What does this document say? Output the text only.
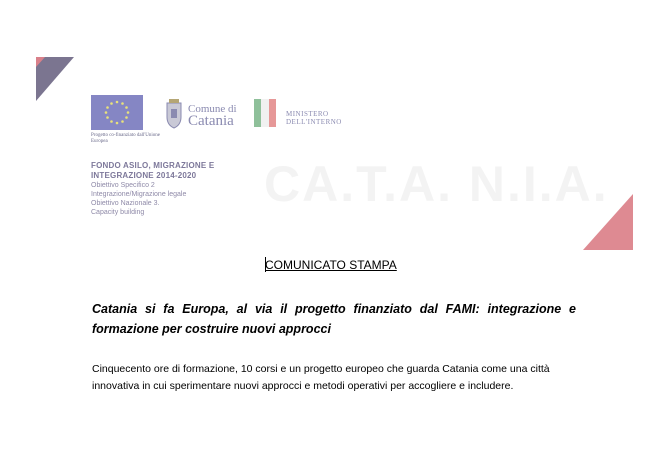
CA.T.A. N.I.A.
Progetto co-finanziato dall'Unione Europea
Comune di
Catania	MINISTERO
DELL'INTERNO
FONDO ASILO, MIGRAZIONE E
INTEGRAZIONE 2014-2020
Obiettivo Specifico 2
Integrazione/Migrazione legale
Obiettivo Nazionale 3.
Capacity building
COMUNICATO STAMPA
Catania si fa Europa, al via il progetto finanziato dal FAMI: integrazione e formazione per costruire nuovi approcci
Cinquecento ore di formazione, 10 corsi e un progetto europeo che guarda Catania come una città innovativa in cui sperimentare nuovi approcci e metodi operativi per accogliere e includere.
